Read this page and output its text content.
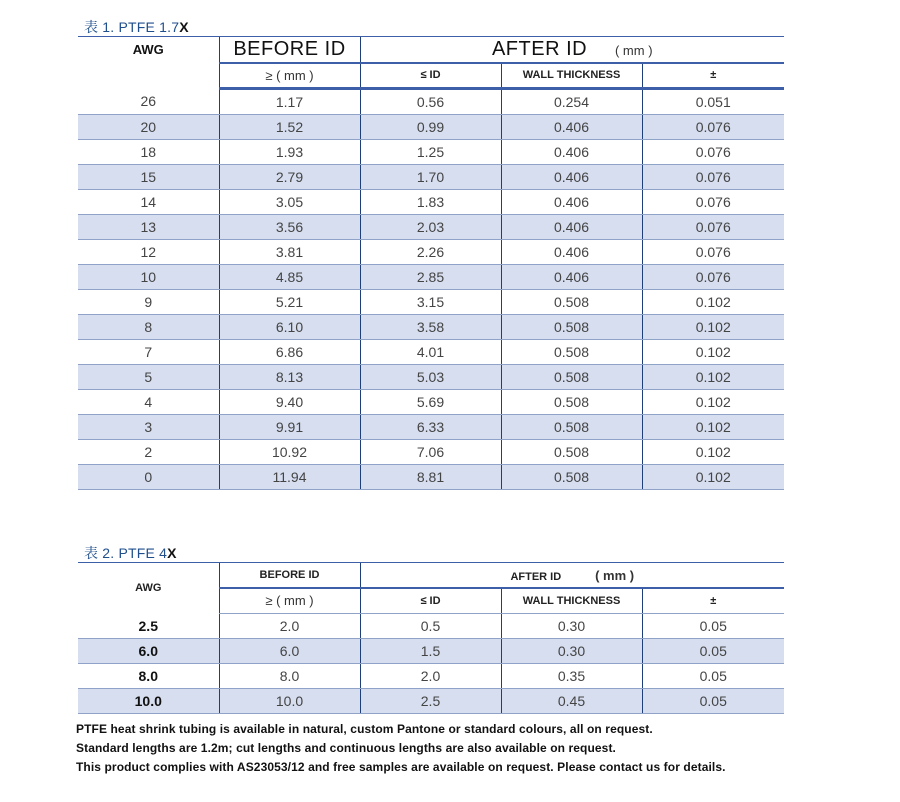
表 1. PTFE 1.7X
AWG	BEFORE ID	AFTER ID ( mm )		
	≥ ( mm )	≤ ID	WALL THICKNESS	±
26	1.17	0.56	0.254	0.051
20	1.52	0.99	0.406	0.076
18	1.93	1.25	0.406	0.076
15	2.79	1.70	0.406	0.076
14	3.05	1.83	0.406	0.076
13	3.56	2.03	0.406	0.076
12	3.81	2.26	0.406	0.076
10	4.85	2.85	0.406	0.076
9	5.21	3.15	0.508	0.102
8	6.10	3.58	0.508	0.102
7	6.86	4.01	0.508	0.102
5	8.13	5.03	0.508	0.102
4	9.40	5.69	0.508	0.102
3	9.91	6.33	0.508	0.102
2	10.92	7.06	0.508	0.102
0	11.94	8.81	0.508	0.102
表 2. PTFE 4X
AWG	BEFORE ID	AFTER ID ( mm )		
	≥ ( mm )	≤ ID	WALL THICKNESS	±
2.5	2.0	0.5	0.30	0.05
6.0	6.0	1.5	0.30	0.05
8.0	8.0	2.0	0.35	0.05
10.0	10.0	2.5	0.45	0.05
PTFE heat shrink tubing is available in natural, custom Pantone or standard colours, all on request.
Standard lengths are 1.2m; cut lengths and continuous lengths are also available on request.
This product complies with AS23053/12 and free samples are available on request. Please contact us for details.
